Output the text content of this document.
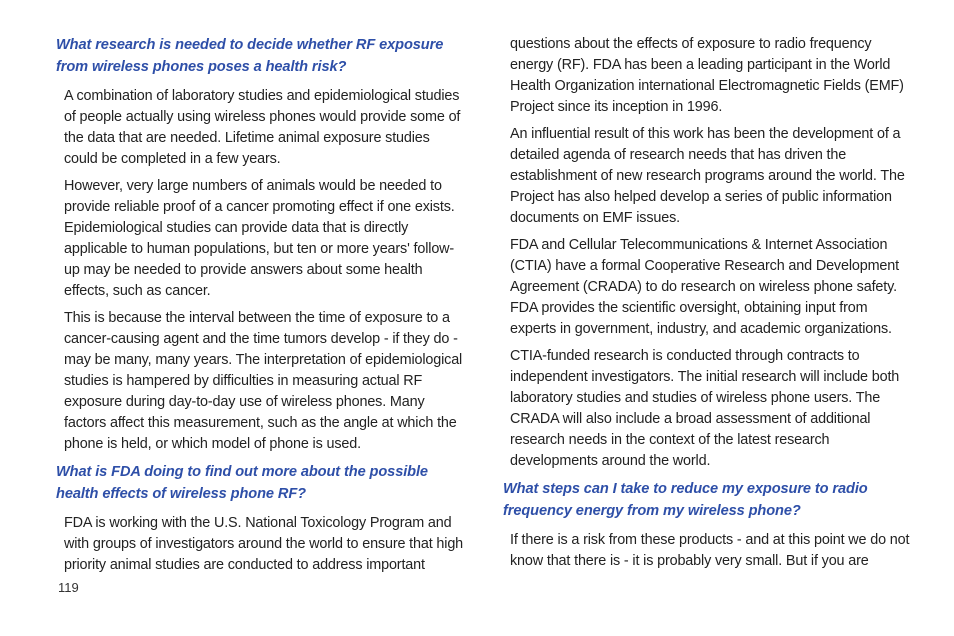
What research is needed to decide whether RF exposure from wireless phones poses a health risk?

A combination of laboratory studies and epidemiological studies of people actually using wireless phones would provide some of the data that are needed. Lifetime animal exposure studies could be completed in a few years.

However, very large numbers of animals would be needed to provide reliable proof of a cancer promoting effect if one exists. Epidemiological studies can provide data that is directly applicable to human populations, but ten or more years' follow-up may be needed to provide answers about some health effects, such as cancer.

This is because the interval between the time of exposure to a cancer-causing agent and the time tumors develop - if they do - may be many, many years. The interpretation of epidemiological studies is hampered by difficulties in measuring actual RF exposure during day-to-day use of wireless phones. Many factors affect this measurement, such as the angle at which the phone is held, or which model of phone is used.

What is FDA doing to find out more about the possible health effects of wireless phone RF?

FDA is working with the U.S. National Toxicology Program and with groups of investigators around the world to ensure that high priority animal studies are conducted to address important

questions about the effects of exposure to radio frequency energy (RF). FDA has been a leading participant in the World Health Organization international Electromagnetic Fields (EMF) Project since its inception in 1996.

An influential result of this work has been the development of a detailed agenda of research needs that has driven the establishment of new research programs around the world. The Project has also helped develop a series of public information documents on EMF issues.

FDA and Cellular Telecommunications & Internet Association (CTIA) have a formal Cooperative Research and Development Agreement (CRADA) to do research on wireless phone safety. FDA provides the scientific oversight, obtaining input from experts in government, industry, and academic organizations.

CTIA-funded research is conducted through contracts to independent investigators. The initial research will include both laboratory studies and studies of wireless phone users. The CRADA will also include a broad assessment of additional research needs in the context of the latest research developments around the world.

What steps can I take to reduce my exposure to radio frequency energy from my wireless phone?

If there is a risk from these products - and at this point we do not know that there is - it is probably very small. But if you are

119
